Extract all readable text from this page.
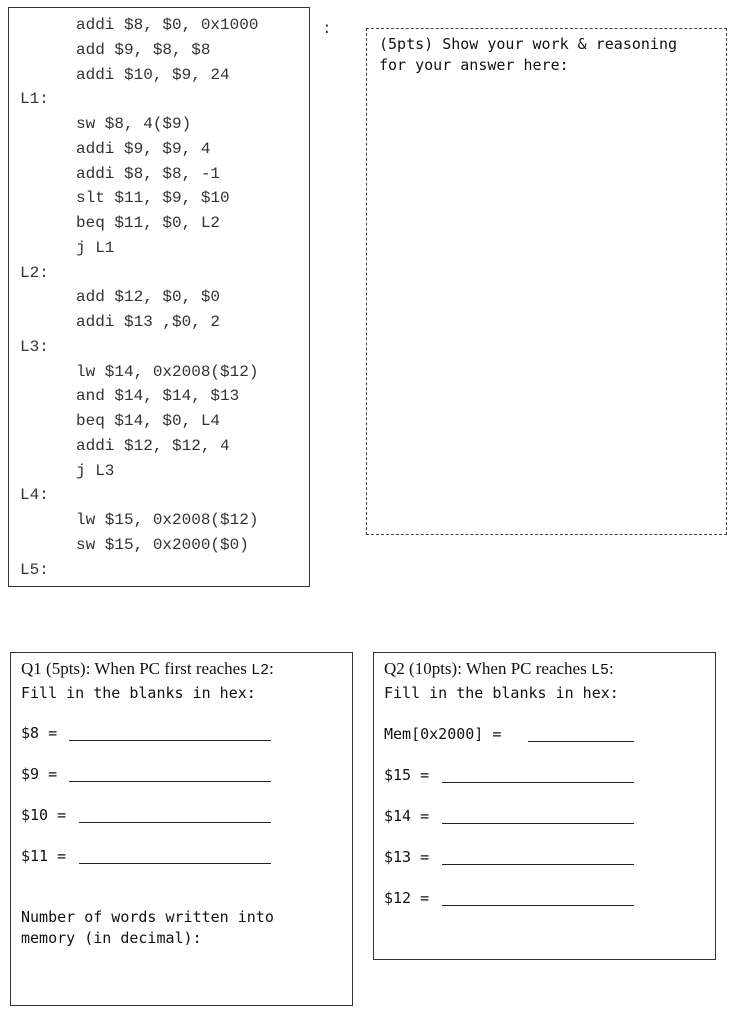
addi $8, $0, 0x1000
add $9, $8, $8
addi $10, $9, 24
L1:
sw $8, 4($9)
addi $9, $9, 4
addi $8, $8, -1
slt $11, $9, $10
beq $11, $0, L2
j L1
L2:
add $12, $0, $0
addi $13 ,$0, 2
L3:
lw $14, 0x2008($12)
and $14, $14, $13
beq $14, $0, L4
addi $12, $12, 4
j L3
L4:
lw $15, 0x2008($12)
sw $15, 0x2000($0)
L5:
:
(5pts) Show your work & reasoning
for your answer here:
Q1 (5pts): When PC first reaches L2:
Fill in the blanks in hex:
$8 =
$9 =
$10 =
$11 =
Number of words written into
memory (in decimal):
Q2 (10pts): When PC reaches L5:
Fill in the blanks in hex:
Mem[0x2000] =
$15 =
$14 =
$13 =
$12 =
